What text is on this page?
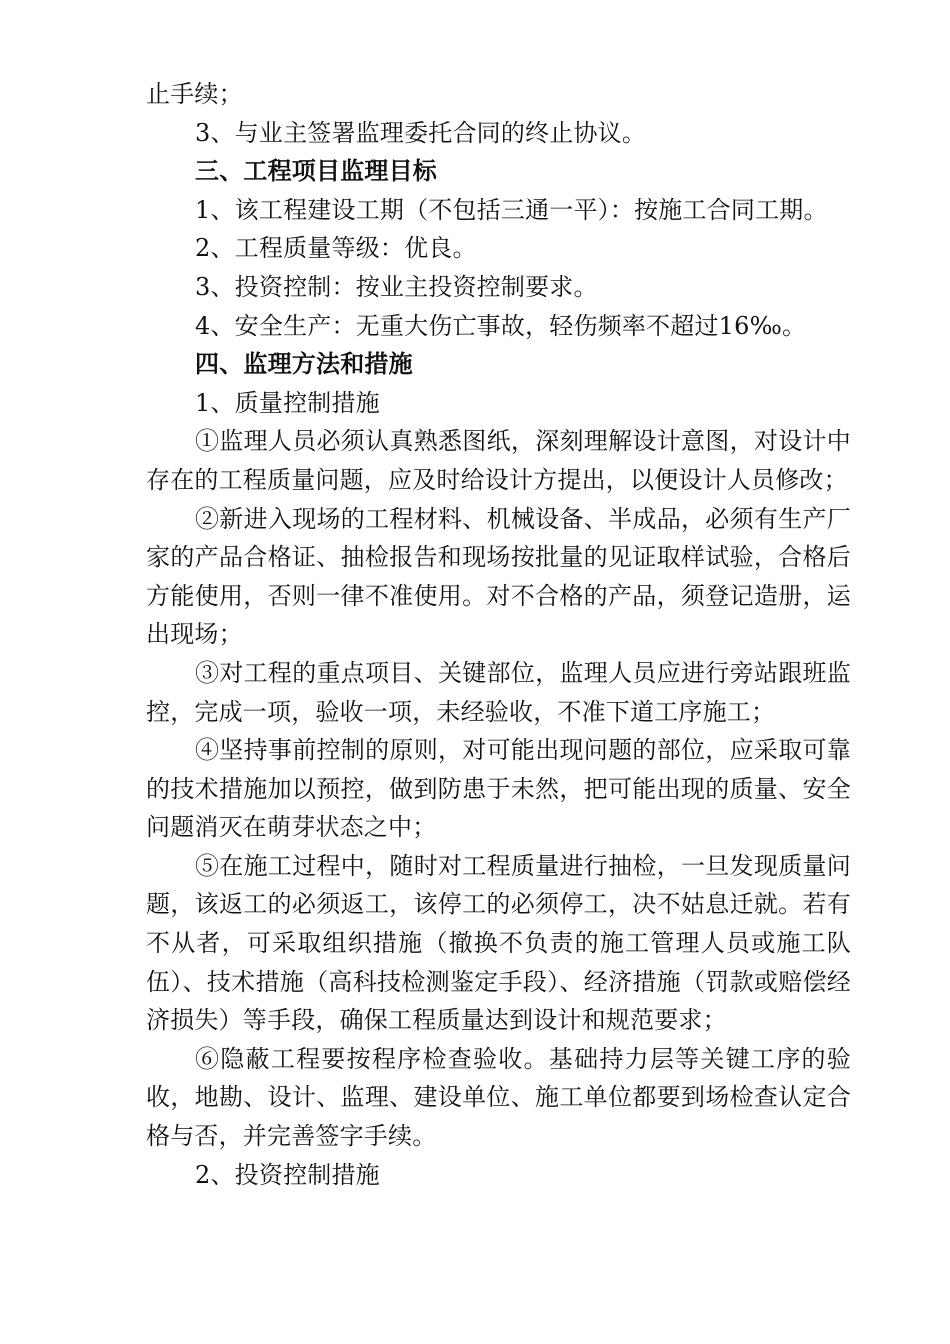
止手续；
3、与业主签署监理委托合同的终止协议。
三、工程项目监理目标
1、该工程建设工期（不包括三通一平）：按施工合同工期。
2、工程质量等级：优良。
3、投资控制：按业主投资控制要求。
4、安全生产：无重大伤亡事故，轻伤频率不超过16‰。
四、监理方法和措施
1、质量控制措施

①监理人员必须认真熟悉图纸，深刻理解设计意图，对设计中存在的工程质量问题，应及时给设计方提出，以便设计人员修改；

②新进入现场的工程材料、机械设备、半成品，必须有生产厂家的产品合格证、抽检报告和现场按批量的见证取样试验，合格后方能使用，否则一律不准使用。对不合格的产品，须登记造册，运出现场；

③对工程的重点项目、关键部位，监理人员应进行旁站跟班监控，完成一项，验收一项，未经验收，不准下道工序施工；

④坚持事前控制的原则，对可能出现问题的部位，应采取可靠的技术措施加以预控，做到防患于未然，把可能出现的质量、安全问题消灭在萌芽状态之中；

⑤在施工过程中，随时对工程质量进行抽检，一旦发现质量问题，该返工的必须返工，该停工的必须停工，决不姑息迁就。若有不从者，可采取组织措施（撤换不负责的施工管理人员或施工队伍）、技术措施（高科技检测鉴定手段）、经济措施（罚款或赔偿经济损失）等手段，确保工程质量达到设计和规范要求；

⑥隐蔽工程要按程序检查验收。基础持力层等关键工序的验收，地勘、设计、监理、建设单位、施工单位都要到场检查认定合格与否，并完善签字手续。

2、投资控制措施
